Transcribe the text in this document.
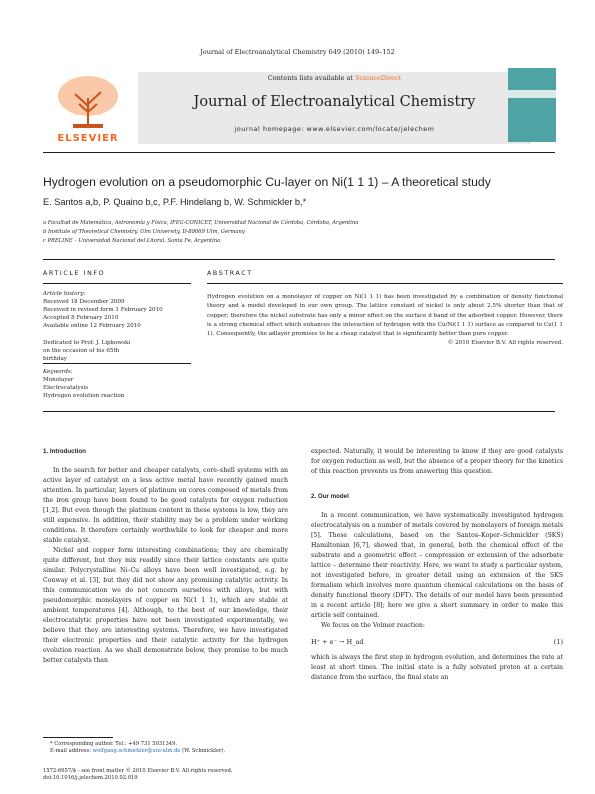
Journal of Electroanalytical Chemistry 649 (2010) 149–152
ELSEVIER
Contents lists available at ScienceDirect
Journal of Electroanalytical Chemistry
journal homepage: www.elsevier.com/locate/jelechem
Hydrogen evolution on a pseudomorphic Cu-layer on Ni(1 1 1) – A theoretical study
E. Santos a,b, P. Quaino b,c, P.F. Hindelang b, W. Schmickler b,*
a Facultad de Matemática, Astronomía y Física, IFEG-CONICET, Universidad Nacional de Córdoba, Córdoba, Argentina
b Institute of Theoretical Chemistry, Ulm University, D-89069 Ulm, Germany
c PRELINE – Universidad Nacional del Litoral, Santa Fe, Argentina
ARTICLE INFO	ABSTRACT
Article history:
Received 18 December 2009
Received in revised form 1 February 2010
Accepted 8 February 2010
Available online 12 February 2010
Dedicated to Prof. J. Lipkowski on the occasion of his 65th birthday
Keywords:
Monolayer
Electrocatalysis
Hydrogen evolution reaction
Hydrogen evolution on a monolayer of copper on Ni(1 1 1) has been investigated by a combination of density functional theory and a model developed in our own group. The lattice constant of nickel is only about 2.5% shorter than that of copper; therefore the nickel substrate has only a minor effect on the surface d band of the adsorbed copper. However, there is a strong chemical effect which enhances the interaction of hydrogen with the Cu/Ni(1 1 1) surface as compared to Cu(1 1 1). Consequently, the adlayer promises to be a cheap catalyst that is significantly better than pure copper.
© 2010 Elsevier B.V. All rights reserved.
1. Introduction

In the search for better and cheaper catalysts, core–shell systems with an active layer of catalyst on a less active metal have recently gained much attention. In particular, layers of platinum on cores composed of metals from the iron group have been found to be good catalysts for oxygen reduction [1,2]. But even though the platinum content in these systems is low, they are still expensive. In addition, their stability may be a problem under working conditions. It therefore certainly worthwhile to look for cheaper and more stable catalyst.

Nickel and copper form interesting combinations; they are chemically quite different, but they mix readily since their lattice constants are quite similar. Polycrystalline Ni–Cu alloys have been well investigated, e.g. by Conway et al. [3], but they did not show any promising catalytic activity. In this communication we do not concern ourselves with alloys, but with pseudomorphic monolayers of copper on Ni(1 1 1), which are stable at ambient temperatures [4]. Although, to the best of our knowledge, their electrocatalytic properties have not been investigated experimentally, we believe that they are interesting systems. Therefore, we have investigated their electronic properties and their catalytic activity for the hydrogen evolution reaction. As we shall demonstrate below, they promise to be much better catalysts than

expected. Naturally, it would be interesting to know if they are good catalysts for oxygen reduction as well, but the absence of a proper theory for the kinetics of this reaction prevents us from answering this question.

2. Our model

In a recent communication, we have systematically investigated hydrogen electrocatalysis on a number of metals covered by monolayers of foreign metals [5]. These calculations, based on the Santos–Koper–Schmickler (SKS) Hamiltonian [6,7], showed that, in general, both the chemical effect of the substrate and a geometric effect – compression or extension of the adsorbate lattice – determine their reactivity. Here, we want to study a particular system, not investigated before, in greater detail using an extension of the SKS formalism which involves more quantum chemical calculations on the basis of density functional theory (DFT). The details of our model have been presented in a recent article [8]; here we give a short summary in order to make this article self contained.

We focus on the Volmer reaction:

H⁺ + e⁻ → H_ad	(1)

which is always the first step in hydrogen evolution, and determines the rate at least at short times. The initial state is a fully solvated proton at a certain distance from the surface, the final state an

* Corresponding author. Tel.: +49 731 5031349.
E-mail address: wolfgang.schmickler@uni-ulm.de (W. Schmickler).
1572-6657/$ - see front matter © 2010 Elsevier B.V. All rights reserved.
doi:10.1016/j.jelechem.2010.02.019
